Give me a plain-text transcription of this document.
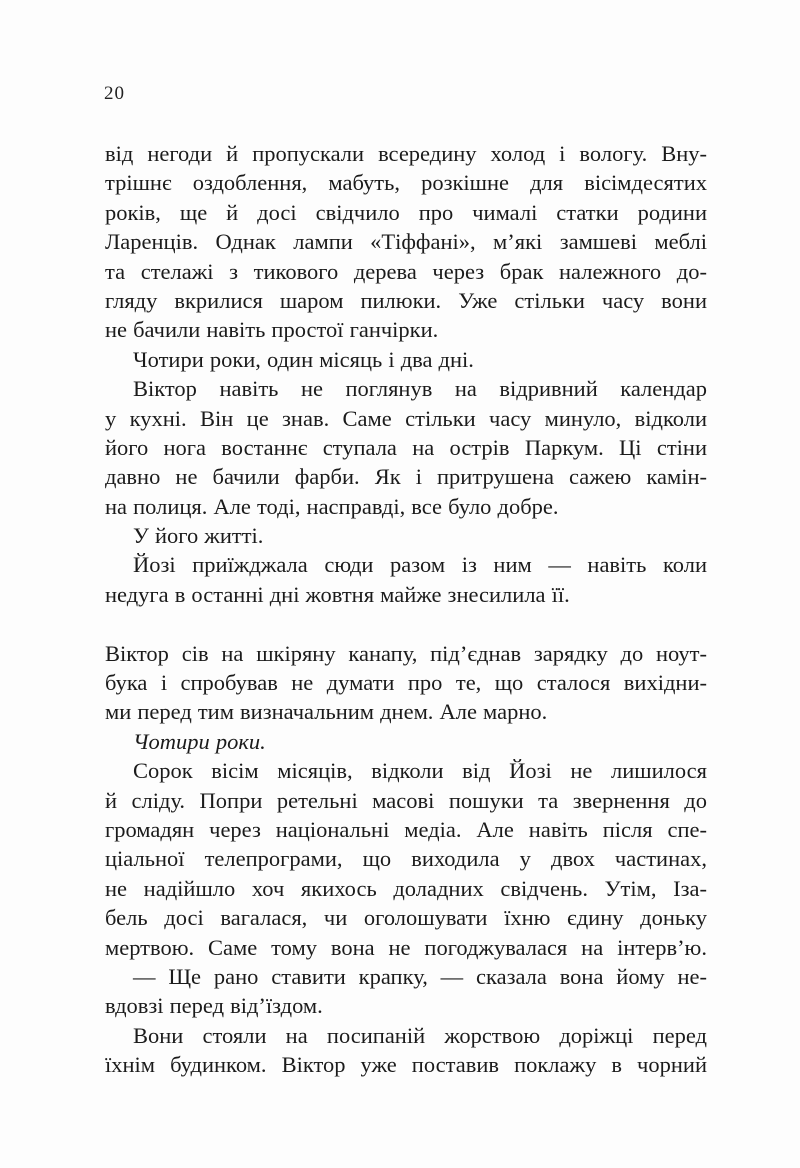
20
від негоди й пропускали всередину холод і вологу. Вну-
трішнє оздоблення, мабуть, розкішне для вісімдесятих
років, ще й досі свідчило про чималі статки родини
Ларенців. Однак лампи «Тіффані», м’які замшеві меблі
та стелажі з тикового дерева через брак належного до-
гляду вкрилися шаром пилюки. Уже стільки часу вони
не бачили навіть простої ганчірки.
Чотири роки, один місяць і два дні.
Віктор навіть не поглянув на відривний календар
у кухні. Він це знав. Саме стільки часу минуло, відколи
його нога востаннє ступала на острів Паркум. Ці стіни
давно не бачили фарби. Як і притрушена сажею камін-
на полиця. Але тоді, насправді, все було добре.
У його житті.
Йозі приїжджала сюди разом із ним — навіть коли
недуга в останні дні жовтня майже знесилила її.
Віктор сів на шкіряну канапу, під’єднав зарядку до ноут-
бука і спробував не думати про те, що сталося вихідни-
ми перед тим визначальним днем. Але марно.
Чотири роки.
Сорок вісім місяців, відколи від Йозі не лишилося
й сліду. Попри ретельні масові пошуки та звернення до
громадян через національні медіа. Але навіть після спе-
ціальної телепрограми, що виходила у двох частинах,
не надійшло хоч якихось доладних свідчень. Утім, Іза-
бель досі вагалася, чи оголошувати їхню єдину доньку
мертвою. Саме тому вона не погоджувалася на інтерв’ю.
— Ще рано ставити крапку, — сказала вона йому не-
вдовзі перед від’їздом.
Вони стояли на посипаній жорствою доріжці перед
їхнім будинком. Віктор уже поставив поклажу в чорний
